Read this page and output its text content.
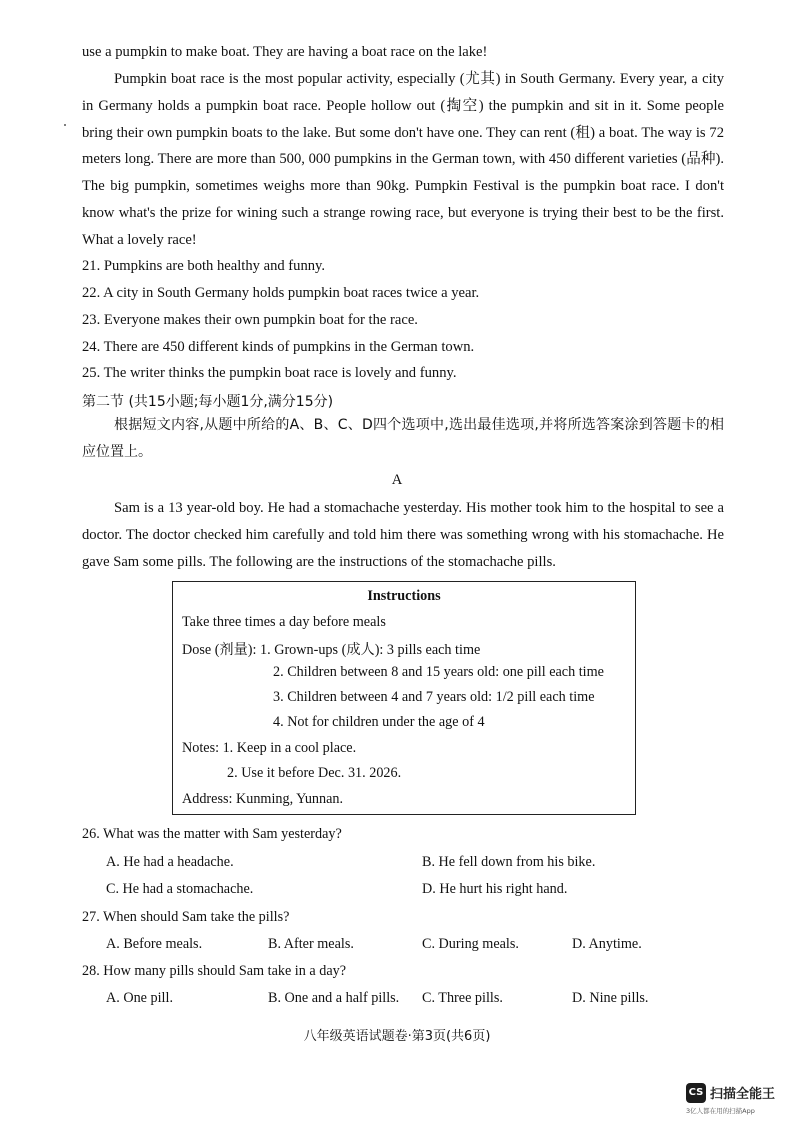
use a pumpkin to make boat. They are having a boat race on the lake!
Pumpkin boat race is the most popular activity, especially (尤其) in South Germany. Every year, a city in Germany holds a pumpkin boat race. People hollow out (掏空) the pumpkin and sit in it. Some people bring their own pumpkin boats to the lake. But some don't have one. They can rent (租) a boat. The way is 72 meters long. There are more than 500, 000 pumpkins in the German town, with 450 different varieties (品种). The big pumpkin, sometimes weighs more than 90kg. Pumpkin Festival is the pumpkin boat race. I don't know what's the prize for wining such a strange rowing race, but everyone is trying their best to be the first. What a lovely race!
21. Pumpkins are both healthy and funny.
22. A city in South Germany holds pumpkin boat races twice a year.
23. Everyone makes their own pumpkin boat for the race.
24. There are 450 different kinds of pumpkins in the German town.
25. The writer thinks the pumpkin boat race is lovely and funny.
第二节 (共15小题;每小题1分,满分15分)
根据短文内容,从题中所给的A、B、C、D四个选项中,选出最佳选项,并将所选答案涂到答题卡的相应位置上。
A
Sam is a 13 year-old boy. He had a stomachache yesterday. His mother took him to the hospital to see a doctor. The doctor checked him carefully and told him there was something wrong with his stomachache. He gave Sam some pills. The following are the instructions of the stomachache pills.
Instructions
Take three times a day before meals
Dose (剂量): 1. Grown-ups (成人): 3 pills each time
2. Children between 8 and 15 years old: one pill each time
3. Children between 4 and 7 years old: 1/2 pill each time
4. Not for children under the age of 4
Notes: 1. Keep in a cool place.
2. Use it before Dec. 31. 2026.
Address: Kunming, Yunnan.
26. What was the matter with Sam yesterday?
A. He had a headache.	B. He fell down from his bike.
C. He had a stomachache.	D. He hurt his right hand.
27. When should Sam take the pills?
A. Before meals.	B. After meals.	C. During meals.	D. Anytime.
28. How many pills should Sam take in a day?
A. One pill.	B. One and a half pills. C. Three pills.	D. Nine pills.
八年级英语试题卷·第3页(共6页)
CS 扫描全能王
3亿人都在用的扫描App
